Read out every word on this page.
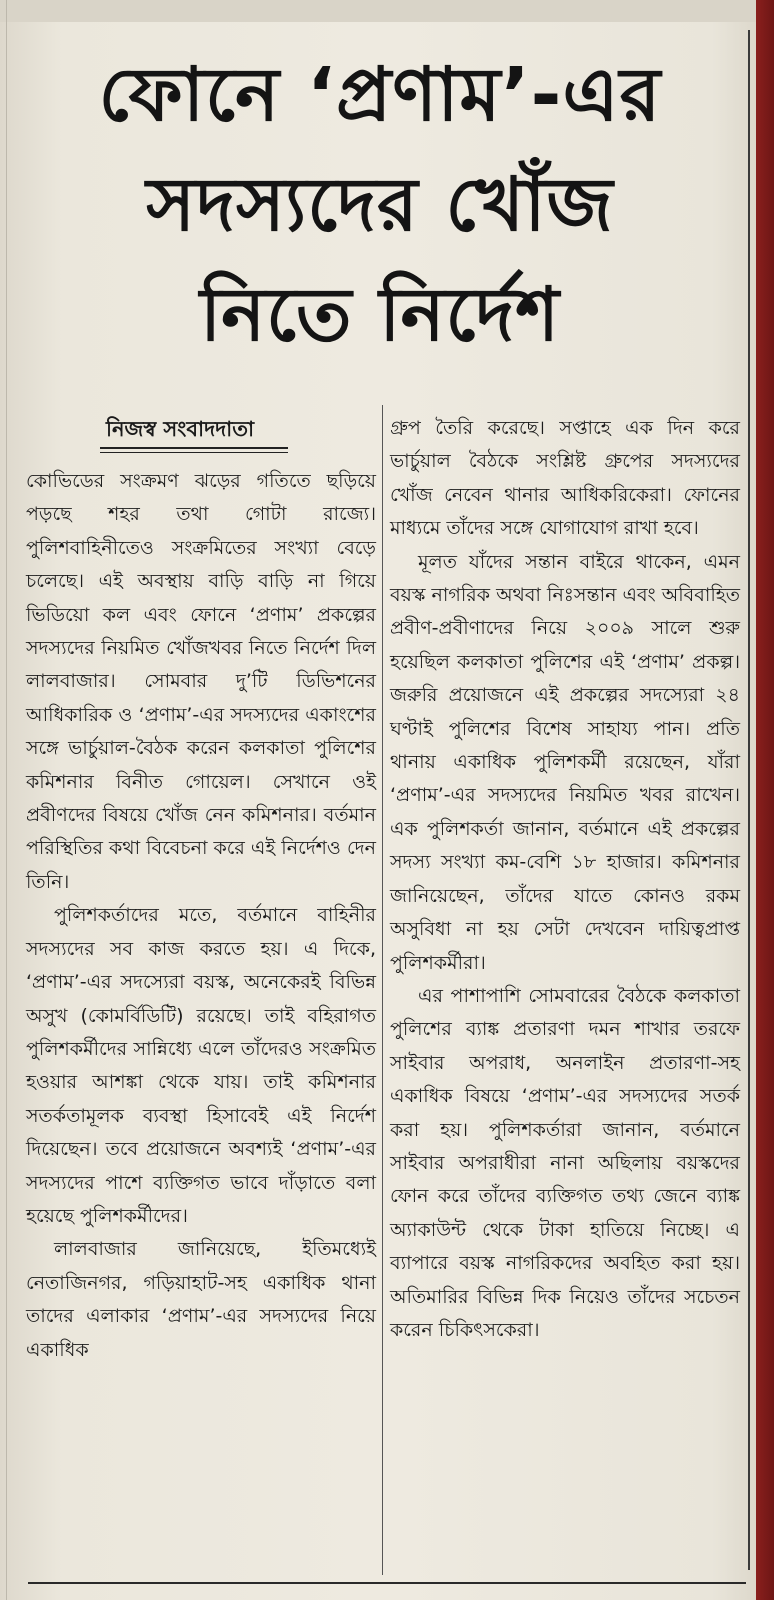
ফোনে ‘প্রণাম’-এর
সদস্যদের খোঁজ
নিতে নির্দেশ
নিজস্ব সংবাদদাতা

কোভিডের সংক্রমণ ঝড়ের গতিতে ছড়িয়ে পড়ছে শহর তথা গোটা রাজ্যে। পুলিশবাহিনীতেও সংক্রমিতের সংখ্যা বেড়ে চলেছে। এই অবস্থায় বাড়ি বাড়ি না গিয়ে ভিডিয়ো কল এবং ফোনে ‘প্রণাম’ প্রকল্পের সদস্যদের নিয়মিত খোঁজখবর নিতে নির্দেশ দিল লালবাজার। সোমবার দু’টি ডিভিশনের আধিকারিক ও ‘প্রণাম’-এর সদস্যদের একাংশের সঙ্গে ভার্চুয়াল-বৈঠক করেন কলকাতা পুলিশের কমিশনার বিনীত গোয়েল। সেখানে ওই প্রবীণদের বিষয়ে খোঁজ নেন কমিশনার। বর্তমান পরিস্থিতির কথা বিবেচনা করে এই নির্দেশও দেন তিনি।

পুলিশকর্তাদের মতে, বর্তমানে বাহিনীর সদস্যদের সব কাজ করতে হয়। এ দিকে, ‘প্রণাম’-এর সদস্যেরা বয়স্ক, অনেকেরই বিভিন্ন অসুখ (কোমর্বিডিটি) রয়েছে। তাই বহিরাগত পুলিশকর্মীদের সান্নিধ্যে এলে তাঁদেরও সংক্রমিত হওয়ার আশঙ্কা থেকে যায়। তাই কমিশনার সতর্কতামূলক ব্যবস্থা হিসাবেই এই নির্দেশ দিয়েছেন। তবে প্রয়োজনে অবশ্যই ‘প্রণাম’-এর সদস্যদের পাশে ব্যক্তিগত ভাবে দাঁড়াতে বলা হয়েছে পুলিশকর্মীদের।

লালবাজার জানিয়েছে, ইতিমধ্যেই নেতাজিনগর, গড়িয়াহাট-সহ একাধিক থানা তাদের এলাকার ‘প্রণাম’-এর সদস্যদের নিয়ে একাধিক

গ্রুপ তৈরি করেছে। সপ্তাহে এক দিন করে ভার্চুয়াল বৈঠকে সংশ্লিষ্ট গ্রুপের সদস্যদের খোঁজ নেবেন থানার আধিকরিকেরা। ফোনের মাধ্যমে তাঁদের সঙ্গে যোগাযোগ রাখা হবে।

মূলত যাঁদের সন্তান বাইরে থাকেন, এমন বয়স্ক নাগরিক অথবা নিঃসন্তান এবং অবিবাহিত প্রবীণ-প্রবীণাদের নিয়ে ২০০৯ সালে শুরু হয়েছিল কলকাতা পুলিশের এই ‘প্রণাম’ প্রকল্প। জরুরি প্রয়োজনে এই প্রকল্পের সদস্যেরা ২৪ ঘণ্টাই পুলিশের বিশেষ সাহায্য পান। প্রতি থানায় একাধিক পুলিশকর্মী রয়েছেন, যাঁরা ‘প্রণাম’-এর সদস্যদের নিয়মিত খবর রাখেন। এক পুলিশকর্তা জানান, বর্তমানে এই প্রকল্পের সদস্য সংখ্যা কম-বেশি ১৮ হাজার। কমিশনার জানিয়েছেন, তাঁদের যাতে কোনও রকম অসুবিধা না হয় সেটা দেখবেন দায়িত্বপ্রাপ্ত পুলিশকর্মীরা।

এর পাশাপাশি সোমবারের বৈঠকে কলকাতা পুলিশের ব্যাঙ্ক প্রতারণা দমন শাখার তরফে সাইবার অপরাধ, অনলাইন প্রতারণা-সহ একাধিক বিষয়ে ‘প্রণাম’-এর সদস্যদের সতর্ক করা হয়। পুলিশকর্তারা জানান, বর্তমানে সাইবার অপরাধীরা নানা অছিলায় বয়স্কদের ফোন করে তাঁদের ব্যক্তিগত তথ্য জেনে ব্যাঙ্ক অ্যাকাউন্ট থেকে টাকা হাতিয়ে নিচ্ছে। এ ব্যাপারে বয়স্ক নাগরিকদের অবহিত করা হয়। অতিমারির বিভিন্ন দিক নিয়েও তাঁদের সচেতন করেন চিকিৎসকেরা।
